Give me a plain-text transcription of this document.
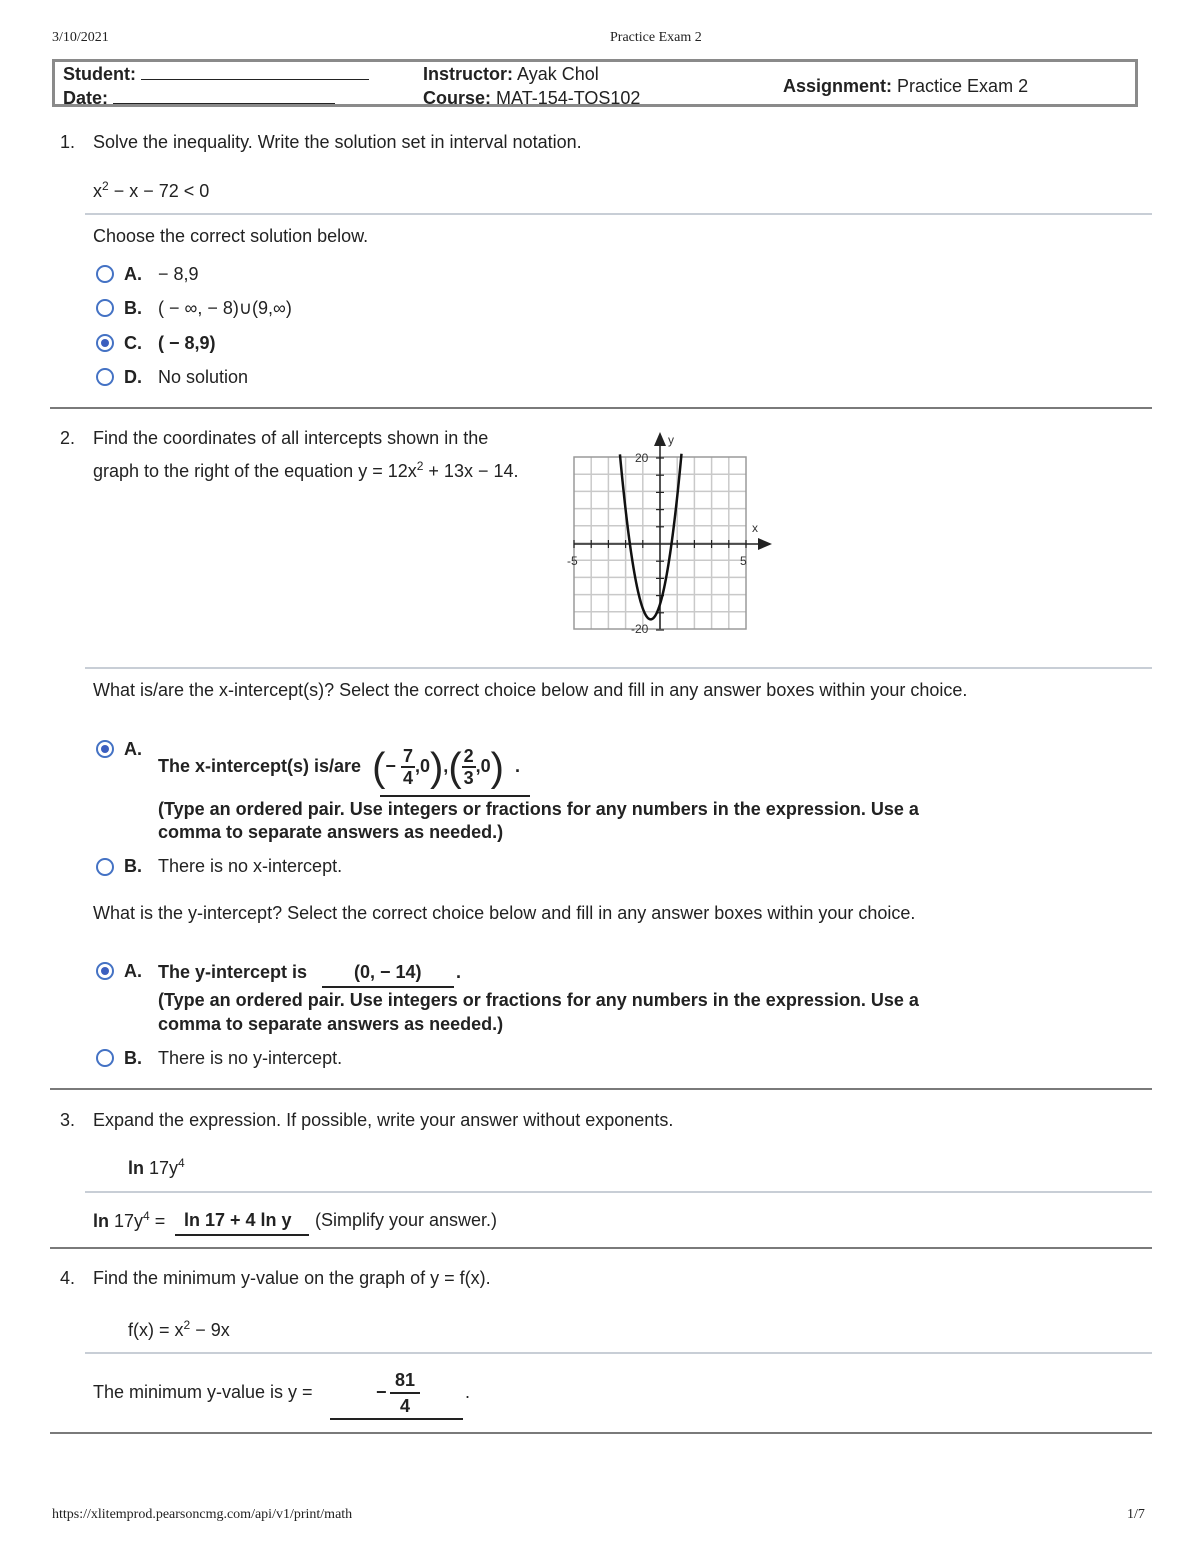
3/10/2021	Practice Exam 2
Student:
Date:
Instructor: Ayak Chol
Course: MAT-154-TOS102
Assignment: Practice Exam 2
1. Solve the inequality. Write the solution set in interval notation.
$x^2 - x - 72 < 0$
Choose the correct solution below.
A. − 8,9
B. ( − ∞, − 8)∪(9,∞)
C. ( − 8,9)
D. No solution
2. Find the coordinates of all intercepts shown in the
graph to the right of the equation $y = 12x^2 + 13x - 14$.
y
x
20
-20
-5	5
What is/are the x-intercept(s)? Select the correct choice below and fill in any answer boxes within your choice.
A.
The x-intercept(s) is/are (− $\frac{7}{4} ,0),( \frac{2}{3} ,0)$ .
(Type an ordered pair. Use integers or fractions for any numbers in the expression. Use a
comma to separate answers as needed.)
B. There is no x-intercept.
What is the y-intercept? Select the correct choice below and fill in any answer boxes within your choice.
A. The y-intercept is	(0, − 14) .
(Type an ordered pair. Use integers or fractions for any numbers in the expression. Use a
comma to separate answers as needed.)
B. There is no y-intercept.
3. Expand the expression. If possible, write your answer without exponents.
$\ln 17y^4$
$\ln 17y^4 = \ln 17 + 4$ ln y (Simplify your answer.)
4. Find the minimum y-value on the graph of y = f(x).
$f(x) = x^2 - 9x$
The minimum y-value is y =	− $\frac{81}{4}$	.
https://xlitemprod.pearsoncmg.com/api/v1/print/math	1/7
